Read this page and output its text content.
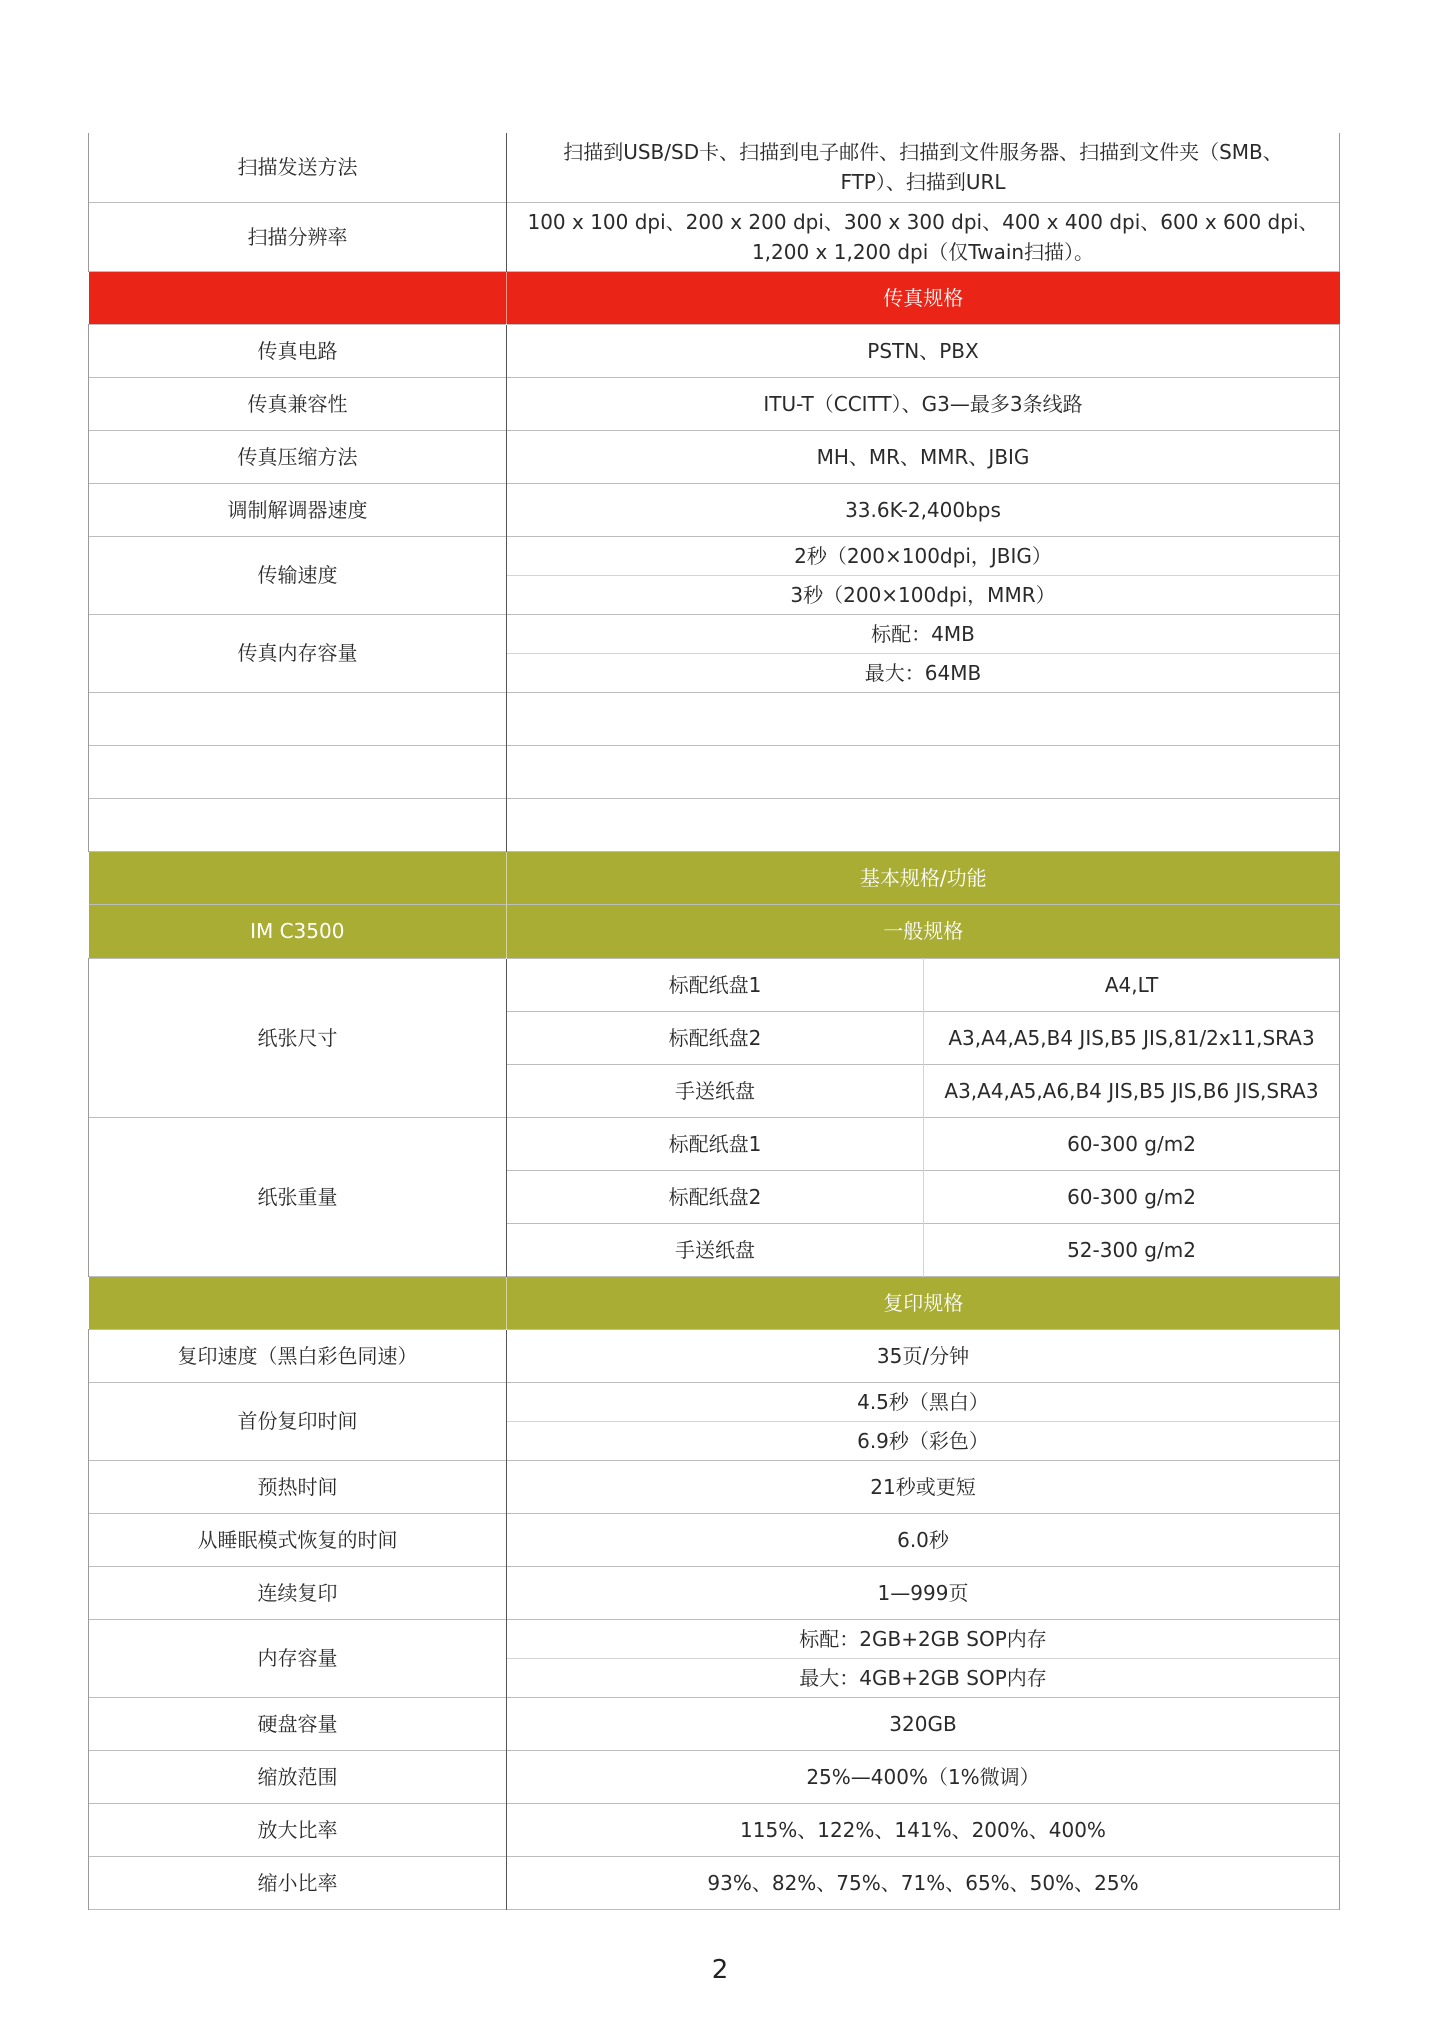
扫描发送方法	扫描到USB/SD卡、扫描到电子邮件、扫描到文件服务器、扫描到文件夹（SMB、
FTP）、扫描到URL	

扫描分辨率	100 x 100 dpi、200 x 200 dpi、300 x 300 dpi、400 x 400 dpi、600 x 600 dpi、
1,200 x 1,200 dpi（仅Twain扫描）。	

	传真规格	
传真电路	PSTN、PBX	
传真兼容性	ITU-T（CCITT）、G3—最多3条线路	
传真压缩方法	MH、MR、MMR、JBIG	
调制解调器速度	33.6K-2,400bps	
传输速度	2秒（200×100dpi，JBIG）	
	3秒（200×100dpi，MMR）	
传真内存容量	标配：4MB	
	最大：64MB	

	基本规格/功能	
IM C3500	一般规格	
纸张尺寸	标配纸盘1	A4,LT
	标配纸盘2	A3,A4,A5,B4 JIS,B5 JIS,81/2x11,SRA3
	手送纸盘	A3,A4,A5,A6,B4 JIS,B5 JIS,B6 JIS,SRA3
纸张重量	标配纸盘1	60-300 g/m2
	标配纸盘2	60-300 g/m2
	手送纸盘	52-300 g/m2
	复印规格	
复印速度（黑白彩色同速）	35页/分钟	
首份复印时间	4.5秒（黑白）	
	6.9秒（彩色）	
预热时间	21秒或更短	
从睡眠模式恢复的时间	6.0秒	
连续复印	1—999页	
内存容量	标配：2GB+2GB SOP内存	
	最大：4GB+2GB SOP内存	
硬盘容量	320GB	
缩放范围	25%—400%（1%微调）	
放大比率	115%、122%、141%、200%、400%	
缩小比率	93%、82%、75%、71%、65%、50%、25%	
2
